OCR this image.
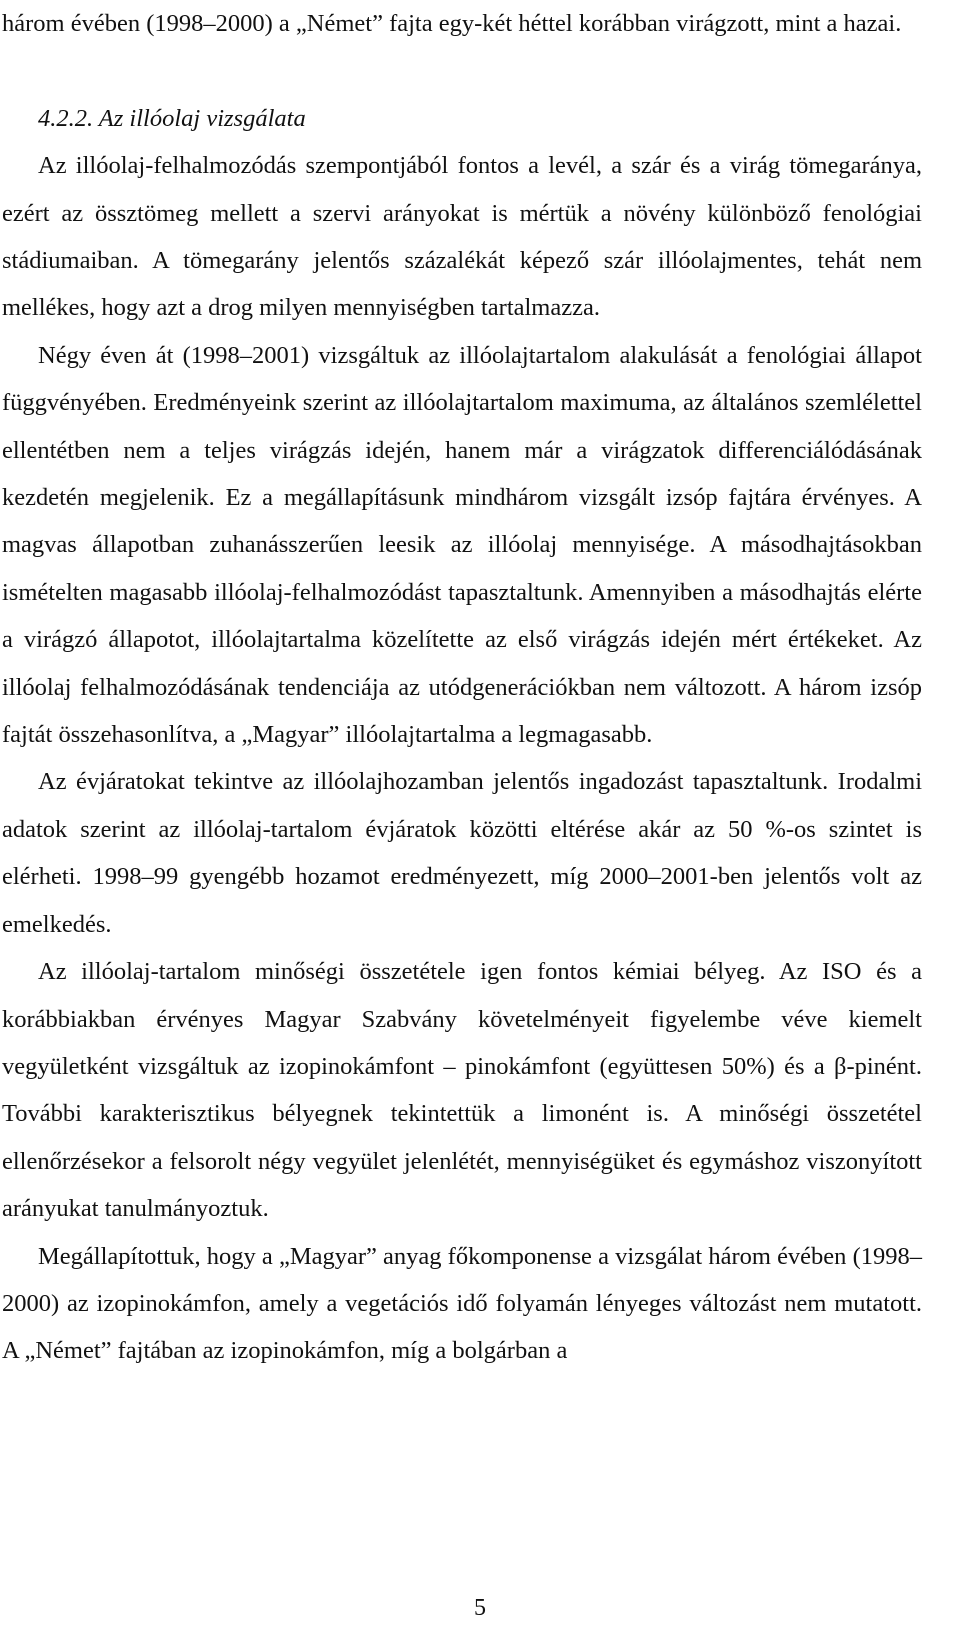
három évében (1998–2000) a „Német” fajta egy-két héttel korábban virágzott, mint a hazai.

4.2.2. Az illóolaj vizsgálata

Az illóolaj-felhalmozódás szempontjából fontos a levél, a szár és a virág tömegaránya, ezért az össztömeg mellett a szervi arányokat is mértük a növény különböző fenológiai stádiumaiban. A tömegarány jelentős százalékát képező szár illóolajmentes, tehát nem mellékes, hogy azt a drog milyen mennyiségben tartalmazza.

Négy éven át (1998–2001) vizsgáltuk az illóolajtartalom alakulását a fenológiai állapot függvényében. Eredményeink szerint az illóolajtartalom maximuma, az általános szemlélettel ellentétben nem a teljes virágzás idején, hanem már a virágzatok differenciálódásának kezdetén megjelenik. Ez a megállapításunk mindhárom vizsgált izsóp fajtára érvényes. A magvas állapotban zuhanásszerűen leesik az illóolaj mennyisége. A másodhajtásokban ismételten magasabb illóolaj-felhalmozódást tapasztaltunk. Amennyiben a másodhajtás elérte a virágzó állapotot, illóolajtartalma közelítette az első virágzás idején mért értékeket. Az illóolaj felhalmozódásának tendenciája az utódgenerációkban nem változott. A három izsóp fajtát összehasonlítva, a „Magyar” illóolajtartalma a legmagasabb.

Az évjáratokat tekintve az illóolajhozamban jelentős ingadozást tapasztaltunk. Irodalmi adatok szerint az illóolaj-tartalom évjáratok közötti eltérése akár az 50 %-os szintet is elérheti. 1998–99 gyengébb hozamot eredményezett, míg 2000–2001-ben jelentős volt az emelkedés.

Az illóolaj-tartalom minőségi összetétele igen fontos kémiai bélyeg. Az ISO és a korábbiakban érvényes Magyar Szabvány követelményeit figyelembe véve kiemelt vegyületként vizsgáltuk az izopinokámfont – pinokámfont (együttesen 50%) és a β-pinént. További karakterisztikus bélyegnek tekintettük a limonént is. A minőségi összetétel ellenőrzésekor a felsorolt négy vegyület jelenlétét, mennyiségüket és egymáshoz viszonyított arányukat tanulmányoztuk.

Megállapítottuk, hogy a „Magyar” anyag főkomponense a vizsgálat három évében (1998–2000) az izopinokámfon, amely a vegetációs idő folyamán lényeges változást nem mutatott. A „Német” fajtában az izopinokámfon, míg a bolgárban a

5
